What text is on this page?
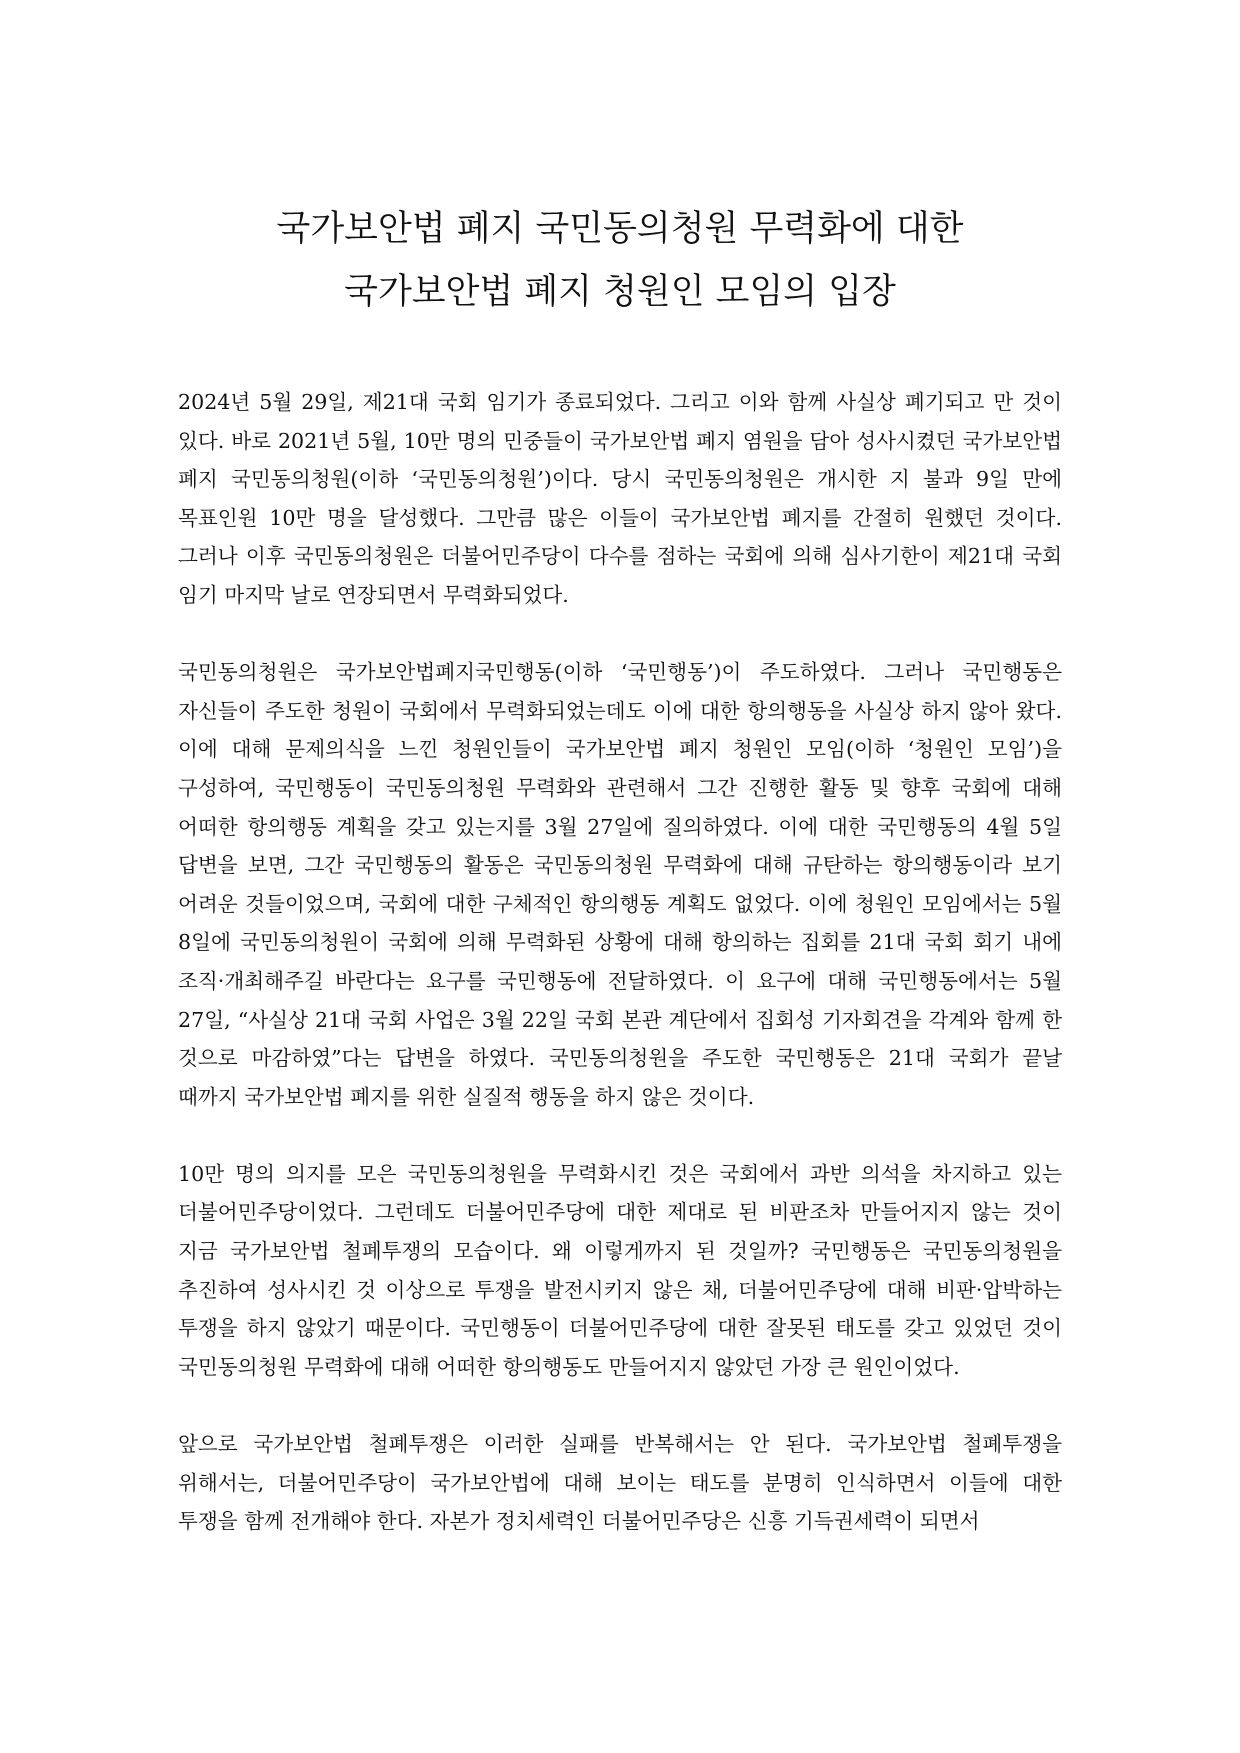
국가보안법 폐지 국민동의청원 무력화에 대한
국가보안법 폐지 청원인 모임의 입장

2024년 5월 29일, 제21대 국회 임기가 종료되었다. 그리고 이와 함께 사실상 폐기되고 만 것이 있다. 바로 2021년 5월, 10만 명의 민중들이 국가보안법 폐지 염원을 담아 성사시켰던 국가보안법 폐지 국민동의청원(이하 ‘국민동의청원’)이다. 당시 국민동의청원은 개시한 지 불과 9일 만에 목표인원 10만 명을 달성했다. 그만큼 많은 이들이 국가보안법 폐지를 간절히 원했던 것이다. 그러나 이후 국민동의청원은 더불어민주당이 다수를 점하는 국회에 의해 심사기한이 제21대 국회 임기 마지막 날로 연장되면서 무력화되었다.

국민동의청원은 국가보안법폐지국민행동(이하 ‘국민행동’)이 주도하였다. 그러나 국민행동은 자신들이 주도한 청원이 국회에서 무력화되었는데도 이에 대한 항의행동을 사실상 하지 않아 왔다. 이에 대해 문제의식을 느낀 청원인들이 국가보안법 폐지 청원인 모임(이하 ‘청원인 모임’)을 구성하여, 국민행동이 국민동의청원 무력화와 관련해서 그간 진행한 활동 및 향후 국회에 대해 어떠한 항의행동 계획을 갖고 있는지를 3월 27일에 질의하였다. 이에 대한 국민행동의 4월 5일 답변을 보면, 그간 국민행동의 활동은 국민동의청원 무력화에 대해 규탄하는 항의행동이라 보기 어려운 것들이었으며, 국회에 대한 구체적인 항의행동 계획도 없었다. 이에 청원인 모임에서는 5월 8일에 국민동의청원이 국회에 의해 무력화된 상황에 대해 항의하는 집회를 21대 국회 회기 내에 조직·개최해주길 바란다는 요구를 국민행동에 전달하였다. 이 요구에 대해 국민행동에서는 5월 27일, “사실상 21대 국회 사업은 3월 22일 국회 본관 계단에서 집회성 기자회견을 각계와 함께 한 것으로 마감하였”다는 답변을 하였다. 국민동의청원을 주도한 국민행동은 21대 국회가 끝날 때까지 국가보안법 폐지를 위한 실질적 행동을 하지 않은 것이다.

10만 명의 의지를 모은 국민동의청원을 무력화시킨 것은 국회에서 과반 의석을 차지하고 있는 더불어민주당이었다. 그런데도 더불어민주당에 대한 제대로 된 비판조차 만들어지지 않는 것이 지금 국가보안법 철폐투쟁의 모습이다. 왜 이렇게까지 된 것일까? 국민행동은 국민동의청원을 추진하여 성사시킨 것 이상으로 투쟁을 발전시키지 않은 채, 더불어민주당에 대해 비판·압박하는 투쟁을 하지 않았기 때문이다. 국민행동이 더불어민주당에 대한 잘못된 태도를 갖고 있었던 것이 국민동의청원 무력화에 대해 어떠한 항의행동도 만들어지지 않았던 가장 큰 원인이었다.

앞으로 국가보안법 철폐투쟁은 이러한 실패를 반복해서는 안 된다. 국가보안법 철폐투쟁을 위해서는, 더불어민주당이 국가보안법에 대해 보이는 태도를 분명히 인식하면서 이들에 대한 투쟁을 함께 전개해야 한다. 자본가 정치세력인 더불어민주당은 신흥 기득권세력이 되면서
